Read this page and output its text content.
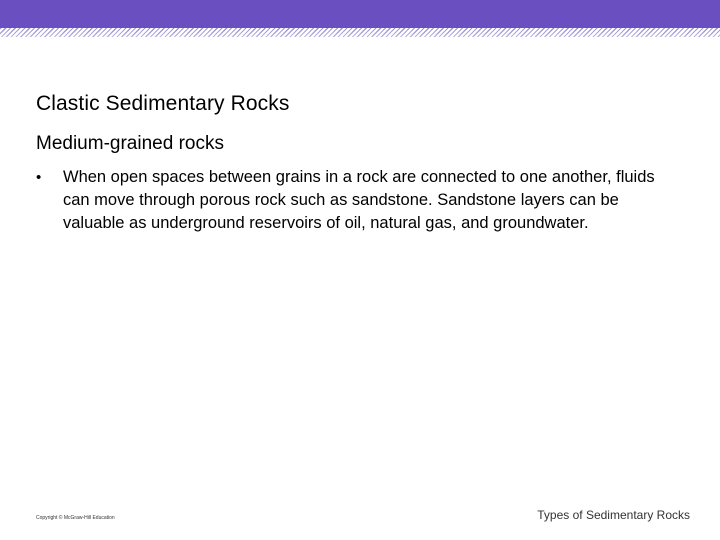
Clastic Sedimentary Rocks
Medium-grained rocks
•	When open spaces between grains in a rock are connected to one another, fluids can move through porous rock such as sandstone. Sandstone layers can be valuable as underground reservoirs of oil, natural gas, and groundwater.
Copyright © McGraw-Hill Education	Types of Sedimentary Rocks
